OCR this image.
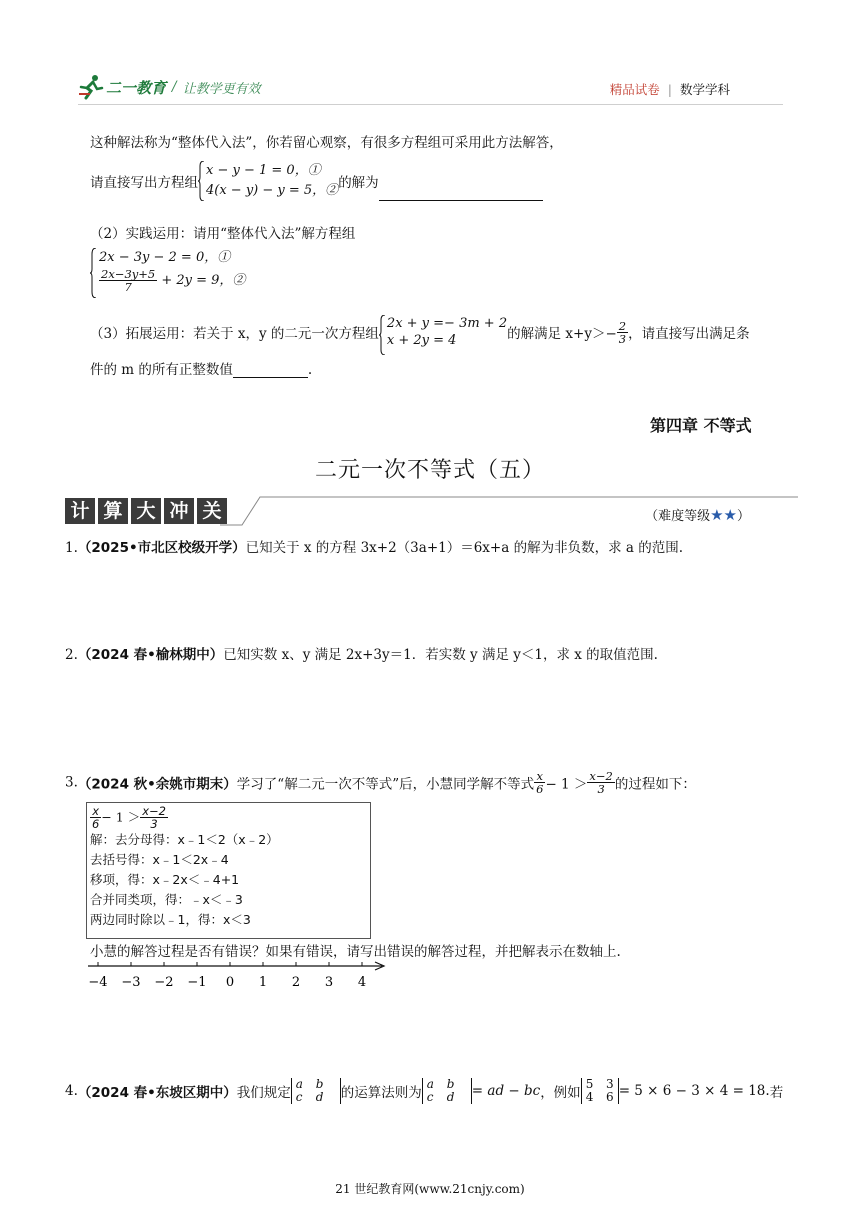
二一教育 / 让教学更有效	精品试卷 | 数学学科
这种解法称为“整体代入法”，你若留心观察，有很多方程组可采用此方法解答，
请直接写出方程组
x − y − 1 = 0，①
4(x − y) − y = 5，② 的解为
（2）实践运用：请用“整体代入法”解方程组
2x − 3y − 2 = 0，①
$\frac{2x-3y+5}{7} + 2y = 9$，②
（3）拓展运用：若关于 x，y 的二元一次方程组
2x + y =− 3m + 2
x + 2y = 4	的解满足 $x+y>- \frac{2}{3}$ ，请直接写出满足条
件的 m 的所有正整数值	.
第四章 不等式
二元一次不等式（五）
计 算 大 冲 关	（难度等级★★）
1.（2025•市北区校级开学）已知关于 x 的方程 3x+2（3a+1）＝6x+a 的解为非负数，求 a 的范围.
2.（2024 春•榆林期中）已知实数 x、y 满足 2x+3y＝1．若实数 y 满足 y＜1，求 x 的取值范围.
3.（2024 秋•余姚市期末）学习了“解二元一次不等式”后，小慧同学解不等式 $\frac{x}{6} - 1 > \frac{x-2}{3}$ 的过程如下：
$\frac{x}{6} - 1 > \frac{x-2}{3}$
解：去分母得：x﹣1＜2（x﹣2）
去括号得：x﹣1＜2x﹣4
移项，得：x﹣2x＜﹣4+1
合并同类项，得：﹣x＜﹣3
两边同时除以﹣1，得：x＜3
小慧的解答过程是否有错误？如果有错误，请写出错误的解答过程，并把解表示在数轴上.
−4 −3 −2 −1 0 1 2 3 4
4.（2024 春•东坡区期中）我们规定a b
c d 的运算法则为a b
c d = ad − bc，例如5 3
4 6 = 5 × 6 − 3 × 4 = 18.若
21 世纪教育网(www.21cnjy.com)
